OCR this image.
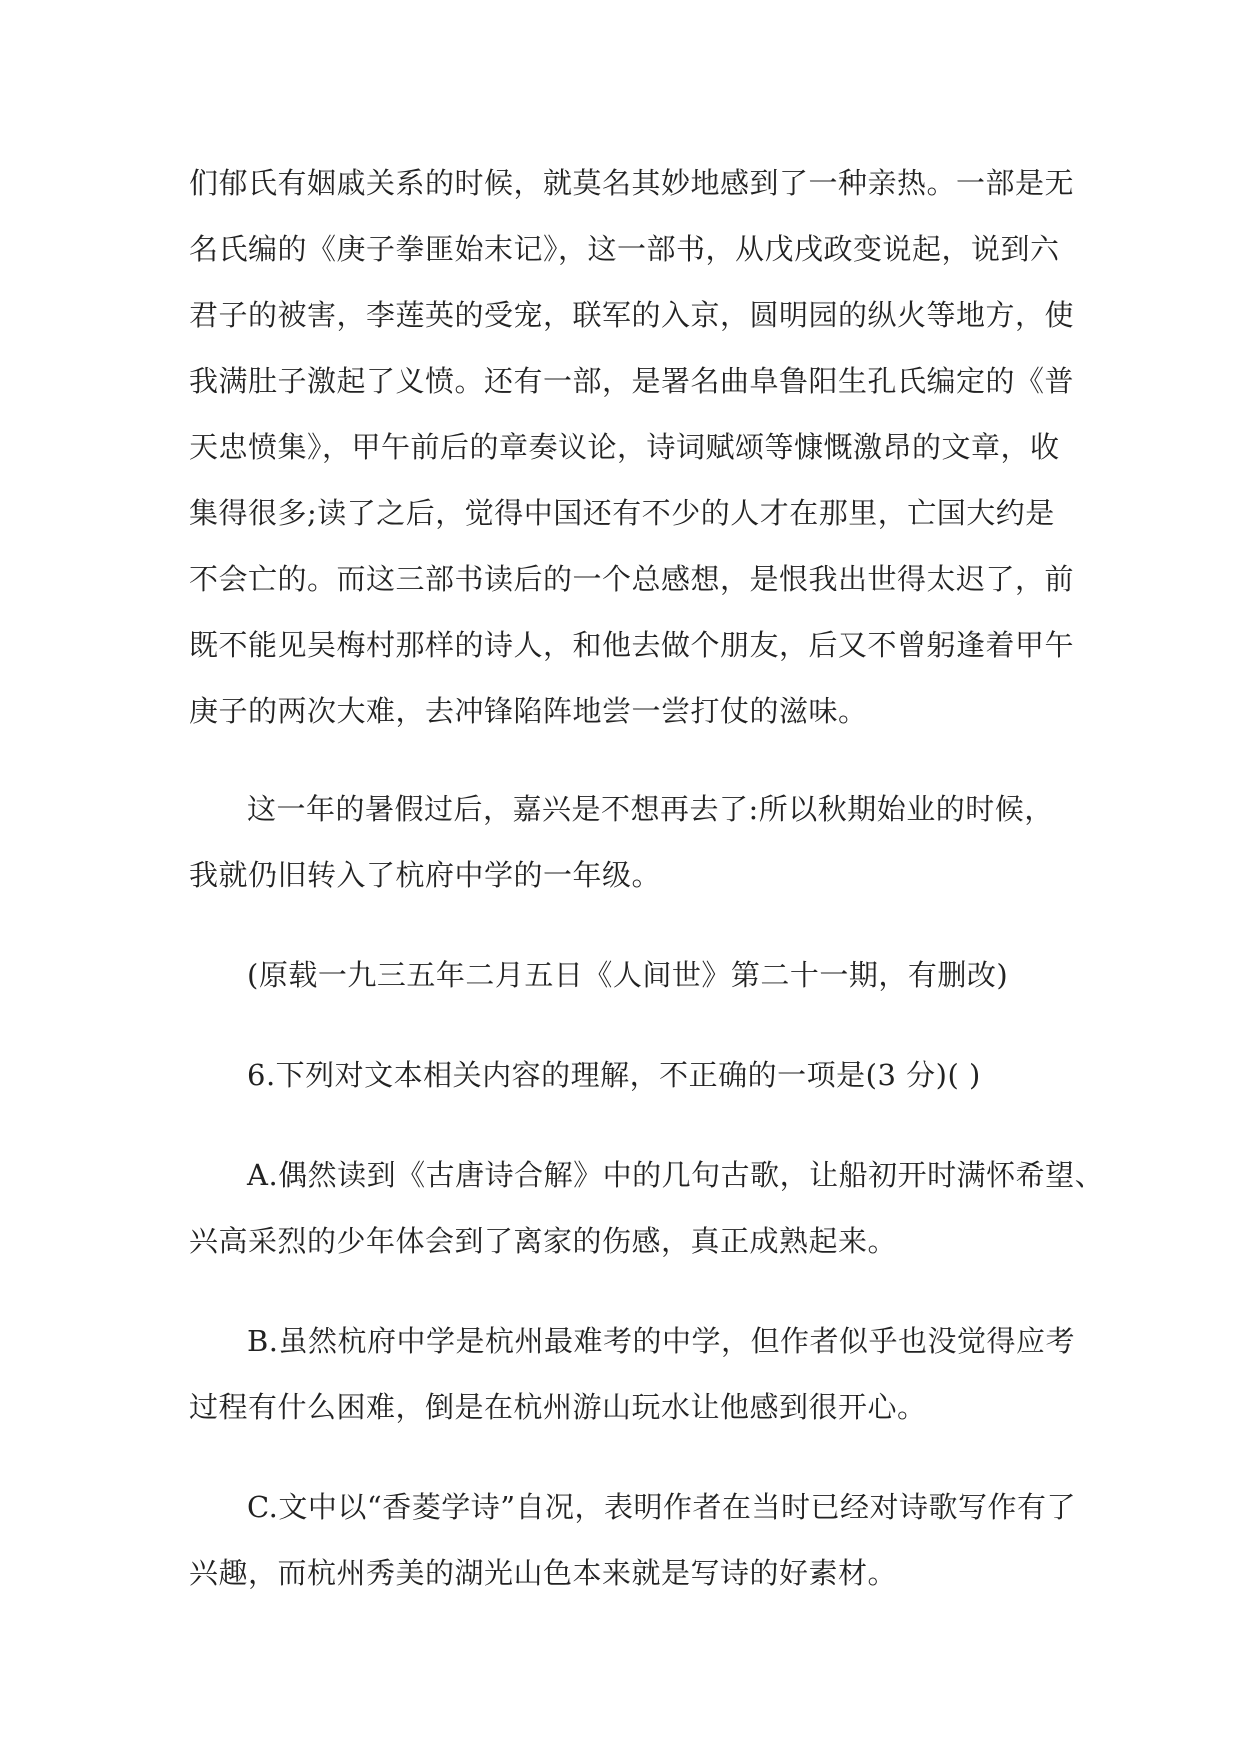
们郁氏有姻戚关系的时候，就莫名其妙地感到了一种亲热。一部是无
名氏编的《庚子拳匪始末记》，这一部书，从戊戌政变说起，说到六
君子的被害，李莲英的受宠，联军的入京，圆明园的纵火等地方，使
我满肚子激起了义愤。还有一部，是署名曲阜鲁阳生孔氏编定的《普
天忠愤集》，甲午前后的章奏议论，诗词赋颂等慷慨激昂的文章，收
集得很多;读了之后，觉得中国还有不少的人才在那里，亡国大约是
不会亡的。而这三部书读后的一个总感想，是恨我出世得太迟了，前
既不能见吴梅村那样的诗人，和他去做个朋友，后又不曾躬逢着甲午
庚子的两次大难，去冲锋陷阵地尝一尝打仗的滋味。
这一年的暑假过后，嘉兴是不想再去了:所以秋期始业的时候，
我就仍旧转入了杭府中学的一年级。
(原载一九三五年二月五日《人间世》第二十一期，有删改)
6.下列对文本相关内容的理解，不正确的一项是(3 分)( )
A.偶然读到《古唐诗合解》中的几句古歌，让船初开时满怀希望、
兴高采烈的少年体会到了离家的伤感，真正成熟起来。
B.虽然杭府中学是杭州最难考的中学，但作者似乎也没觉得应考
过程有什么困难，倒是在杭州游山玩水让他感到很开心。
C.文中以“香菱学诗”自况，表明作者在当时已经对诗歌写作有了
兴趣，而杭州秀美的湖光山色本来就是写诗的好素材。
